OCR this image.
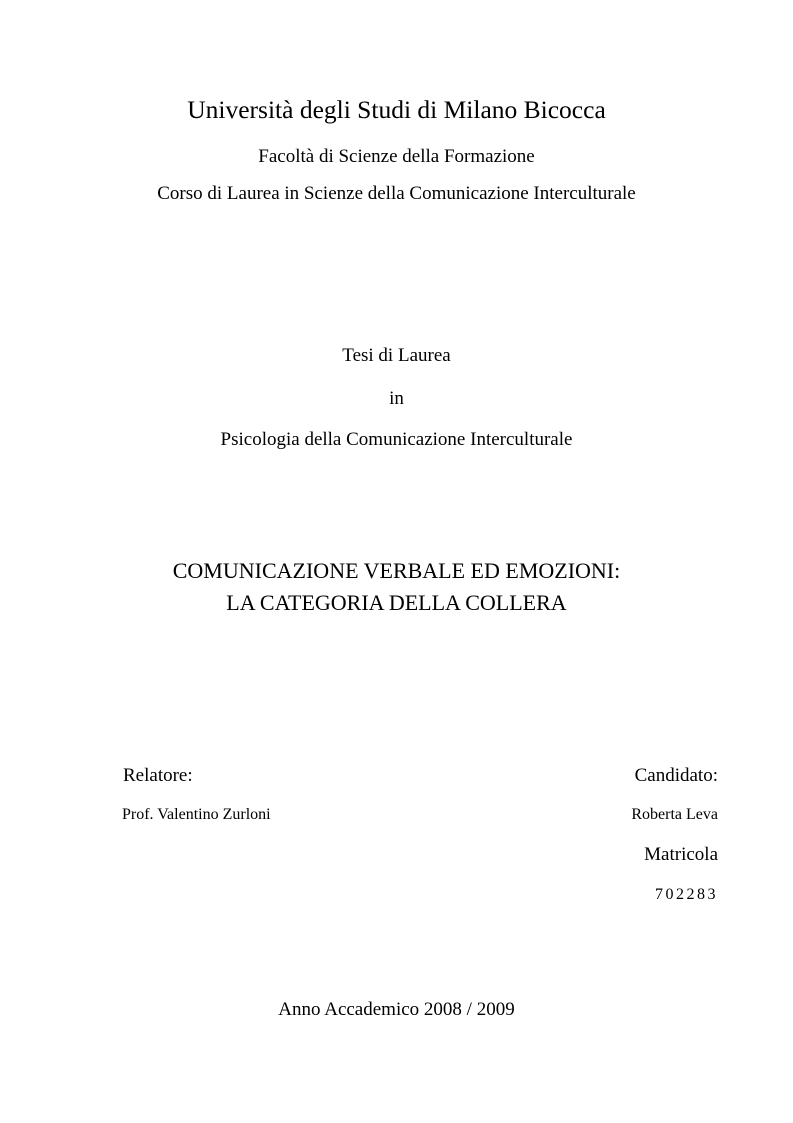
Università degli Studi di Milano Bicocca
Facoltà di Scienze della Formazione
Corso di Laurea in Scienze della Comunicazione Interculturale
Tesi di Laurea
in
Psicologia della Comunicazione Interculturale
COMUNICAZIONE VERBALE ED EMOZIONI:
LA CATEGORIA DELLA COLLERA
Relatore:
Prof. Valentino Zurloni
Candidato:
Roberta Leva
Matricola
702283
Anno Accademico 2008 / 2009
